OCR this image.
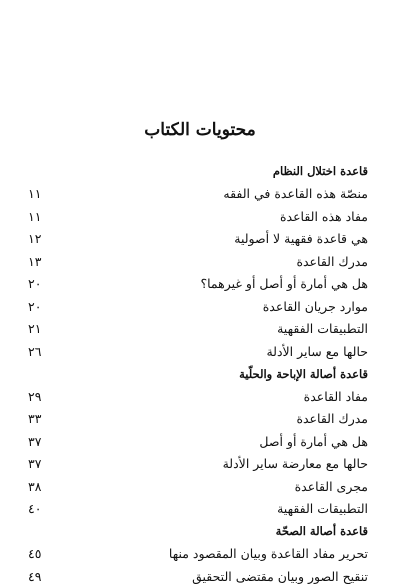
محتويات الكتاب
قاعدة اختلال النظام
منصّة هذه القاعدة في الفقه
١١
مفاد هذه القاعدة
١١
هي قاعدة فقهية لا أصولية
١٢
مدرك القاعدة
١٣
هل هي أمارة أو أصل أو غيرهما؟
٢٠
موارد جريان القاعدة
٢٠
التطبيقات الفقهية
٢١
حالها مع ساير الأدلة
٢٦
قاعدة أصالة الإباحة والحلّية
مفاد القاعدة
٢٩
مدرك القاعدة
٣٣
هل هي أمارة أو أصل
٣٧
حالها مع معارضة ساير الأدلة
٣٧
مجرى القاعدة
٣٨
التطبيقات الفقهية
٤٠
قاعدة أصالة الصحّة
تحرير مفاد القاعدة وبيان المقصود منها
٤٥
تنقيح الصور وبيان مقتضى التحقيق
٤٩
